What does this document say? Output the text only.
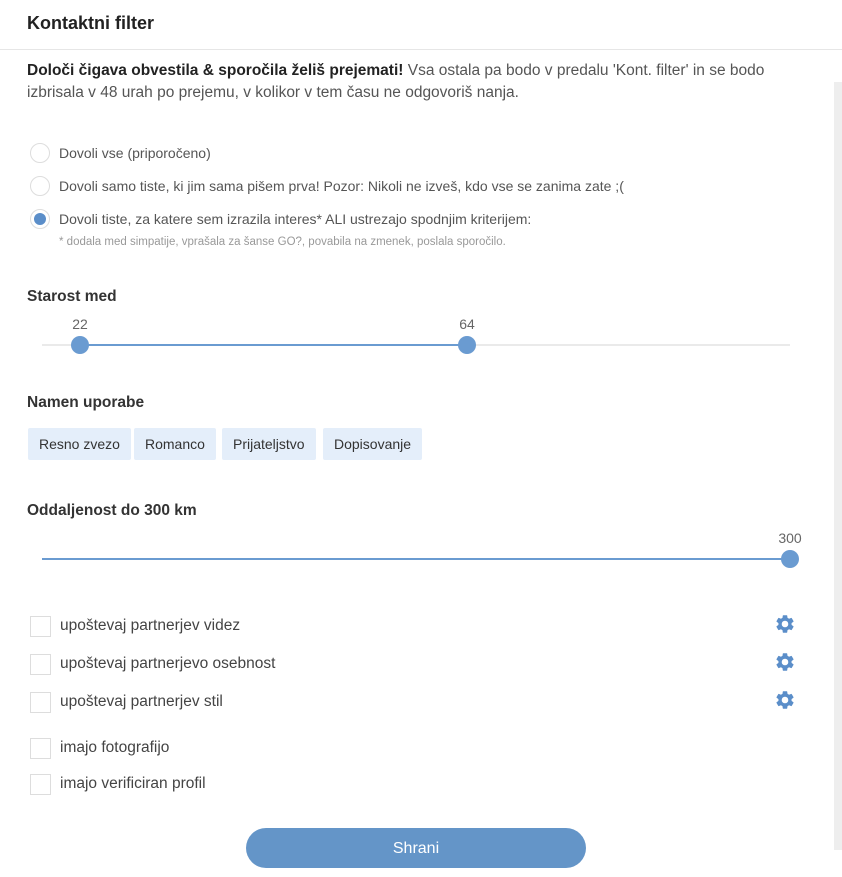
Kontaktni filter
Določi čigava obvestila & sporočila želiš prejemati! Vsa ostala pa bodo v predalu 'Kont. filter' in se bodo izbrisala v 48 urah po prejemu, v kolikor v tem času ne odgovoriš nanja.
Dovoli vse (priporočeno)
Dovoli samo tiste, ki jim sama pišem prva! Pozor: Nikoli ne izveš, kdo vse se zanima zate ;(
Dovoli tiste, za katere sem izrazila interes* ALI ustrezajo spodnjim kriterijem:
* dodala med simpatije, vprašala za šanse GO?, povabila na zmenek, poslala sporočilo.
Starost med
22	64
Namen uporabe
Resno zvezo	Romanco	Prijateljstvo	Dopisovanje
Oddaljenost do 300 km
300
upoštevaj partnerjev videz
upoštevaj partnerjevo osebnost
upoštevaj partnerjev stil
imajo fotografijo
imajo verificiran profil
Shrani
